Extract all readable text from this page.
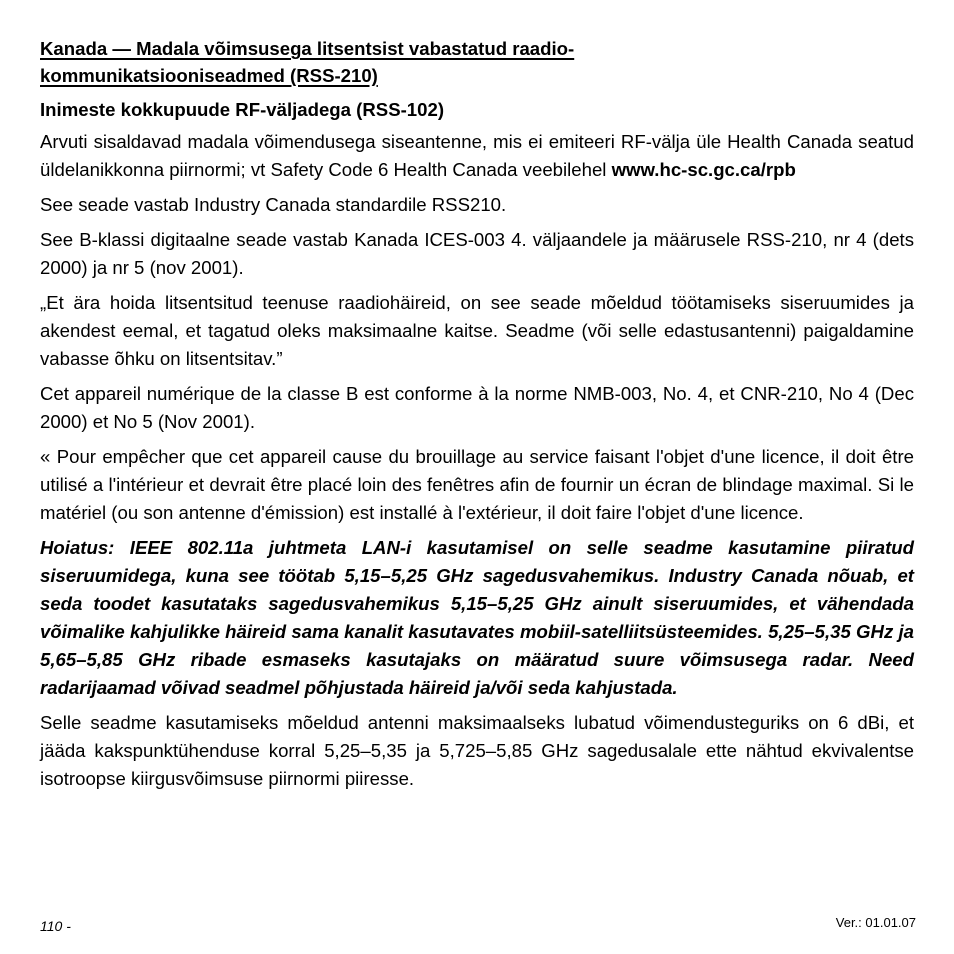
Kanada — Madala võimsusega litsentsist vabastatud raadio-
kommunikatsiooniseadmed (RSS-210)
Inimeste kokkupuude RF-väljadega (RSS-102)

Arvuti sisaldavad madala võimendusega siseantenne, mis ei emiteeri RF-välja üle Health Canada seatud üldelanikkonna piirnormi; vt Safety Code 6 Health Canada veebilehel www.hc-sc.gc.ca/rpb

See seade vastab Industry Canada standardile RSS210.

See B-klassi digitaalne seade vastab Kanada ICES-003 4. väljaandele ja määrusele RSS-210, nr 4 (dets 2000) ja nr 5 (nov 2001).

„Et ära hoida litsentsitud teenuse raadiohäireid, on see seade mõeldud töötamiseks siseruumides ja akendest eemal, et tagatud oleks maksimaalne kaitse. Seadme (või selle edastusantenni) paigaldamine vabasse õhku on litsentsitav.”

Cet appareil numérique de la classe B est conforme à la norme NMB-003, No. 4, et CNR-210, No 4 (Dec 2000) et No 5 (Nov 2001).

« Pour empêcher que cet appareil cause du brouillage au service faisant l'objet d'une licence, il doit être utilisé a l'intérieur et devrait être placé loin des fenêtres afin de fournir un écran de blindage maximal. Si le matériel (ou son antenne d'émission) est installé à l'extérieur, il doit faire l'objet d'une licence.

Hoiatus: IEEE 802.11a juhtmeta LAN-i kasutamisel on selle seadme kasutamine piiratud siseruumidega, kuna see töötab 5,15–5,25 GHz sagedusvahemikus. Industry Canada nõuab, et seda toodet kasutataks sagedusvahemikus 5,15–5,25 GHz ainult siseruumides, et vähendada võimalike kahjulikke häireid sama kanalit kasutavates mobiil-satelliitsüsteemides. 5,25–5,35 GHz ja 5,65–5,85 GHz ribade esmaseks kasutajaks on määratud suure võimsusega radar. Need radarijaamad võivad seadmel põhjustada häireid ja/või seda kahjustada.

Selle seadme kasutamiseks mõeldud antenni maksimaalseks lubatud võimendusteguriks on 6 dBi, et jääda kakspunktühenduse korral 5,25–5,35 ja 5,725–5,85 GHz sagedusalale ette nähtud ekvivalentse isotroopse kiirgusvõimsuse piirnormi piiresse.

110 -	Ver.: 01.01.07
